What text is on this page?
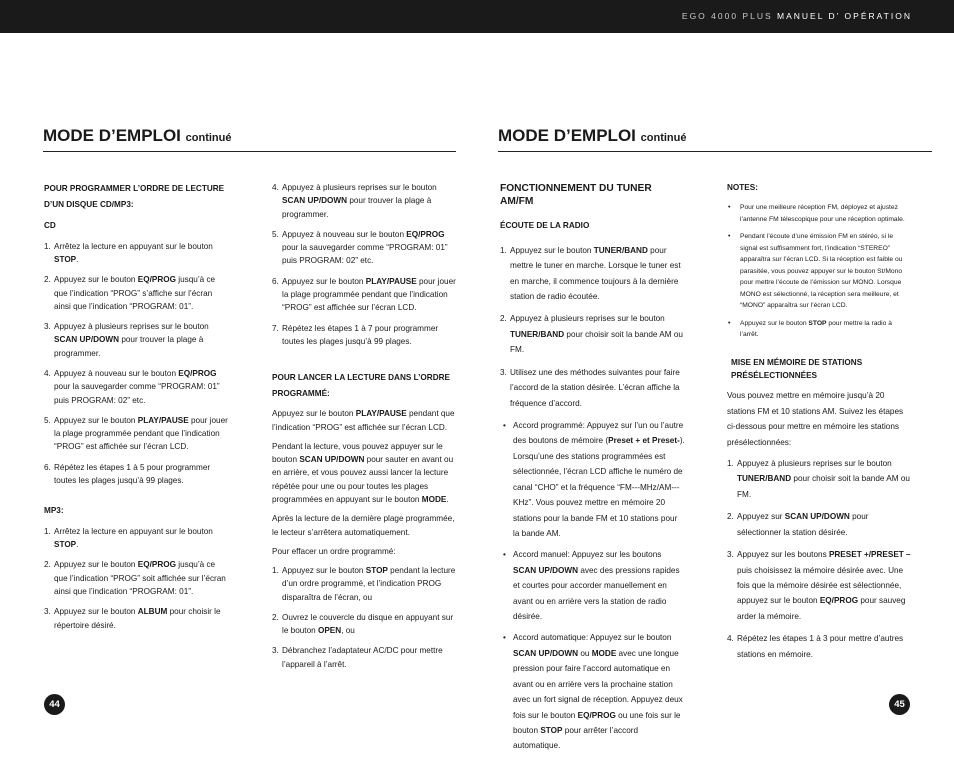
EGO 4000 PLUS MANUEL D’ OPÉRATION
MODE D’EMPLOI continué
POUR PROGRAMMER L’ORDRE DE LECTURE D’UN DISQUE CD/MP3:
CD
1. Arrêtez la lecture en appuyant sur le bouton STOP.
2. Appuyez sur le bouton EQ/PROG jusqu’à ce que l’indication “PROG” s’affiche sur l’écran ainsi que l’indication “PROGRAM: 01”.
3. Appuyez à plusieurs reprises sur le bouton SCAN UP/DOWN pour trouver la plage à programmer.
4. Appuyez à nouveau sur le bouton EQ/PROG pour la sauvegarder comme “PROGRAM: 01” puis PROGRAM: 02” etc.
5. Appuyez sur le bouton PLAY/PAUSE pour jouer la plage programmée pendant que l’indication “PROG” est affichée sur l’écran LCD.
6. Répétez les étapes 1 à 5 pour programmer toutes les plages jusqu’à 99 plages.
MP3:
1. Arrêtez la lecture en appuyant sur le bouton STOP.
2. Appuyez sur le bouton EQ/PROG jusqu’à ce que l’indication “PROG” soit affichée sur l’écran ainsi que l’indication “PROGRAM: 01”.
3. Appuyez sur le bouton ALBUM pour choisir le répertoire désiré.
4. Appuyez à plusieurs reprises sur le bouton SCAN UP/DOWN pour trouver la plage à programmer.
5. Appuyez à nouveau sur le bouton EQ/PROG pour la sauvegarder comme “PROGRAM: 01” puis PROGRAM: 02” etc.
6. Appuyez sur le bouton PLAY/PAUSE pour jouer la plage programmée pendant que l’indication “PROG” est affichée sur l’écran LCD.
7. Répétez les étapes 1 à 7 pour programmer toutes les plages jusqu’à 99 plages.
POUR LANCER LA LECTURE DANS L’ORDRE PROGRAMMÉ:

Appuyez sur le bouton PLAY/PAUSE pendant que l’indication “PROG” est affichée sur l’écran LCD.

Pendant la lecture, vous pouvez appuyer sur le bouton SCAN UP/DOWN pour sauter en avant ou en arrière, et vous pouvez aussi lancer la lecture répétée pour une ou pour toutes les plages programmées en appuyant sur le bouton MODE.

Après la lecture de la dernière plage programmée, le lecteur s’arrêtera automatiquement.

Pour effacer un ordre programmé:

1. Appuyez sur le bouton STOP pendant la lecture d’un ordre programmé, et l’indication PROG disparaîtra de l’écran, ou
2. Ouvrez le couvercle du disque en appuyant sur le bouton OPEN, ou
3. Débranchez l’adaptateur AC/DC pour mettre l’appareil à l’arrêt.
44
MODE D’EMPLOI continué
FONCTIONNEMENT DU TUNER AM/FM
ÉCOUTE DE LA RADIO
1. Appuyez sur le bouton TUNER/BAND pour mettre le tuner en marche. Lorsque le tuner est en marche, il commence toujours à la dernière station de radio écoutée.
2. Appuyez à plusieurs reprises sur le bouton TUNER/BAND pour choisir soit la bande AM ou FM.
3. Utilisez une des méthodes suivantes pour faire l’accord de la station désirée. L’écran affiche la fréquence d’accord.
• Accord programmé: Appuyez sur l’un ou l’autre des boutons de mémoire (Preset + et Preset-). Lorsqu’une des stations programmées est sélectionnée, l’écran LCD affiche le numéro de canal “CHO” et la fréquence “FM---MHz/AM---KHz”. Vous pouvez mettre en mémoire 20 stations pour la bande FM et 10 stations pour la bande AM.
• Accord manuel: Appuyez sur les boutons SCAN UP/DOWN avec des pressions rapides et courtes pour accorder manuellement en avant ou en arrière vers la station de radio désirée.
• Accord automatique: Appuyez sur le bouton SCAN UP/DOWN ou MODE avec une longue pression pour faire l’accord automatique en avant ou en arrière vers la prochaine station avec un fort signal de réception. Appuyez deux fois sur le bouton EQ/PROG ou une fois sur le bouton STOP pour arrêter l’accord automatique.
NOTES:
• Pour une meilleure réception FM, déployez et ajustez l’antenne FM télescopique pour une réception optimale.
• Pendant l’écoute d’une émission FM en stéréo, si le signal est suffisamment fort, l’indication “STEREO” apparaîtra sur l’écran LCD. Si la réception est faible ou parasitée, vous pouvez appuyer sur le bouton St/Mono pour mettre l’écoute de l’émission sur MONO. Lorsque MONO est sélectionné, la réception sera meilleure, et “MONO” apparaîtra sur l’écran LCD.
• Appuyez sur le bouton STOP pour mettre la radio à l’arrêt.
MISE EN MÉMOIRE DE STATIONS PRÉSÉLECTIONNÉES

Vous pouvez mettre en mémoire jusqu’à 20 stations FM et 10 stations AM. Suivez les étapes ci-dessous pour mettre en mémoire les stations présélectionnées:

1. Appuyez à plusieurs reprises sur le bouton TUNER/BAND pour choisir soit la bande AM ou FM.
2. Appuyez sur SCAN UP/DOWN pour sélectionner la station désirée.
3. Appuyez sur les boutons PRESET +/PRESET – puis choisissez la mémoire désirée avec. Une fois que la mémoire désirée est sélectionnée, appuyez sur le bouton EQ/PROG pour sauveg arder la mémoire.
4. Répétez les étapes 1 à 3 pour mettre d’autres stations en mémoire.
45
